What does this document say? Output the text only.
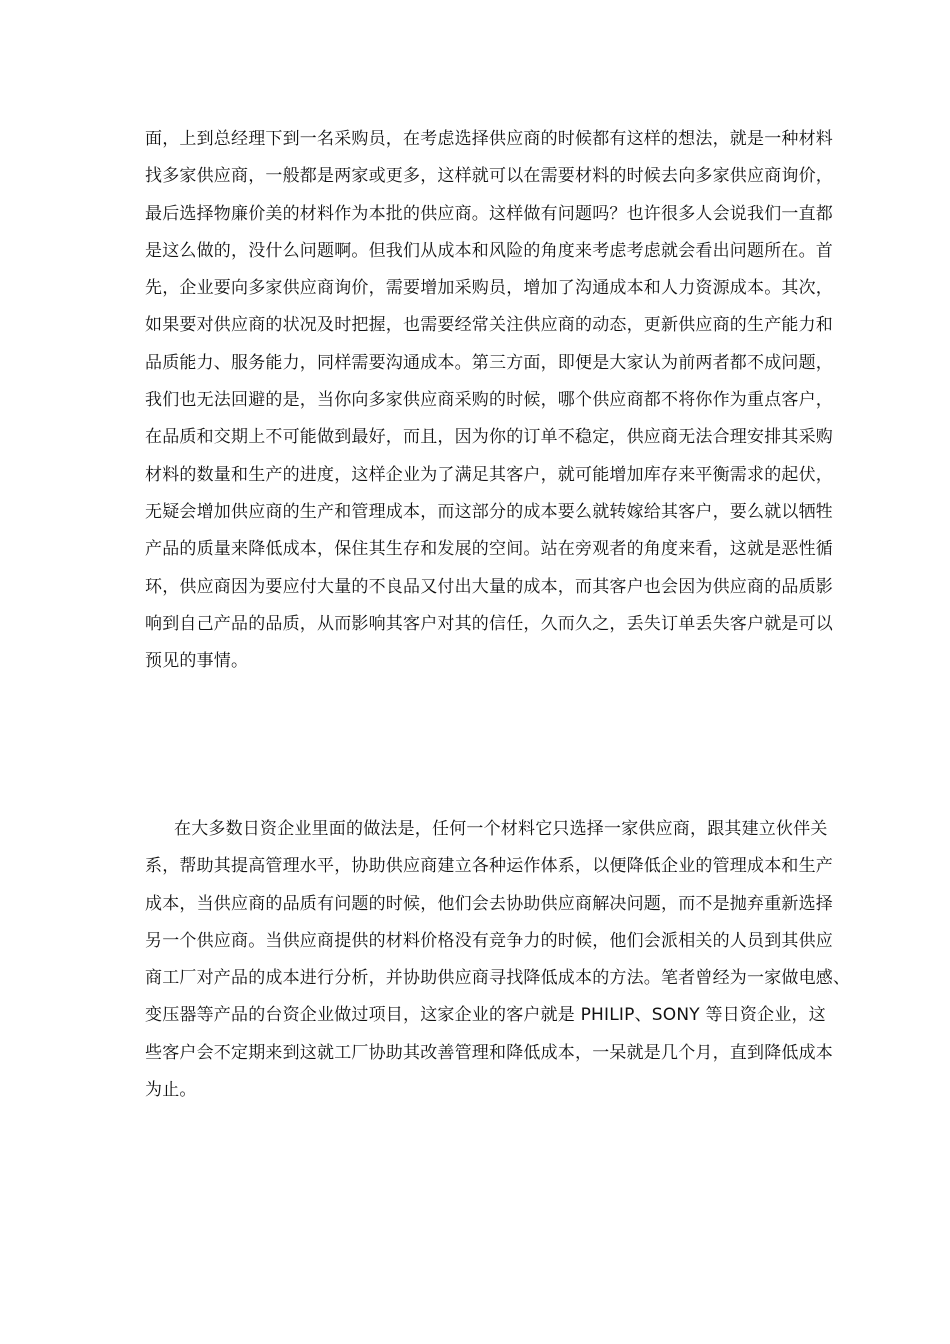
面，上到总经理下到一名采购员，在考虑选择供应商的时候都有这样的想法，就是一种材料
找多家供应商，一般都是两家或更多，这样就可以在需要材料的时候去向多家供应商询价，
最后选择物廉价美的材料作为本批的供应商。这样做有问题吗？也许很多人会说我们一直都
是这么做的，没什么问题啊。但我们从成本和风险的角度来考虑考虑就会看出问题所在。首
先，企业要向多家供应商询价，需要增加采购员，增加了沟通成本和人力资源成本。其次，
如果要对供应商的状况及时把握，也需要经常关注供应商的动态，更新供应商的生产能力和
品质能力、服务能力，同样需要沟通成本。第三方面，即便是大家认为前两者都不成问题，
我们也无法回避的是，当你向多家供应商采购的时候，哪个供应商都不将你作为重点客户，
在品质和交期上不可能做到最好，而且，因为你的订单不稳定，供应商无法合理安排其采购
材料的数量和生产的进度，这样企业为了满足其客户，就可能增加库存来平衡需求的起伏，
无疑会增加供应商的生产和管理成本，而这部分的成本要么就转嫁给其客户，要么就以牺牲
产品的质量来降低成本，保住其生存和发展的空间。站在旁观者的角度来看，这就是恶性循
环，供应商因为要应付大量的不良品又付出大量的成本，而其客户也会因为供应商的品质影
响到自己产品的品质，从而影响其客户对其的信任，久而久之，丢失订单丢失客户就是可以
预见的事情。
在大多数日资企业里面的做法是，任何一个材料它只选择一家供应商，跟其建立伙伴关
系，帮助其提高管理水平，协助供应商建立各种运作体系，以便降低企业的管理成本和生产
成本，当供应商的品质有问题的时候，他们会去协助供应商解决问题，而不是抛弃重新选择
另一个供应商。当供应商提供的材料价格没有竞争力的时候，他们会派相关的人员到其供应
商工厂对产品的成本进行分析，并协助供应商寻找降低成本的方法。笔者曾经为一家做电感、
变压器等产品的台资企业做过项目，这家企业的客户就是 PHILIP、SONY 等日资企业，这
些客户会不定期来到这就工厂协助其改善管理和降低成本，一呆就是几个月，直到降低成本
为止。
